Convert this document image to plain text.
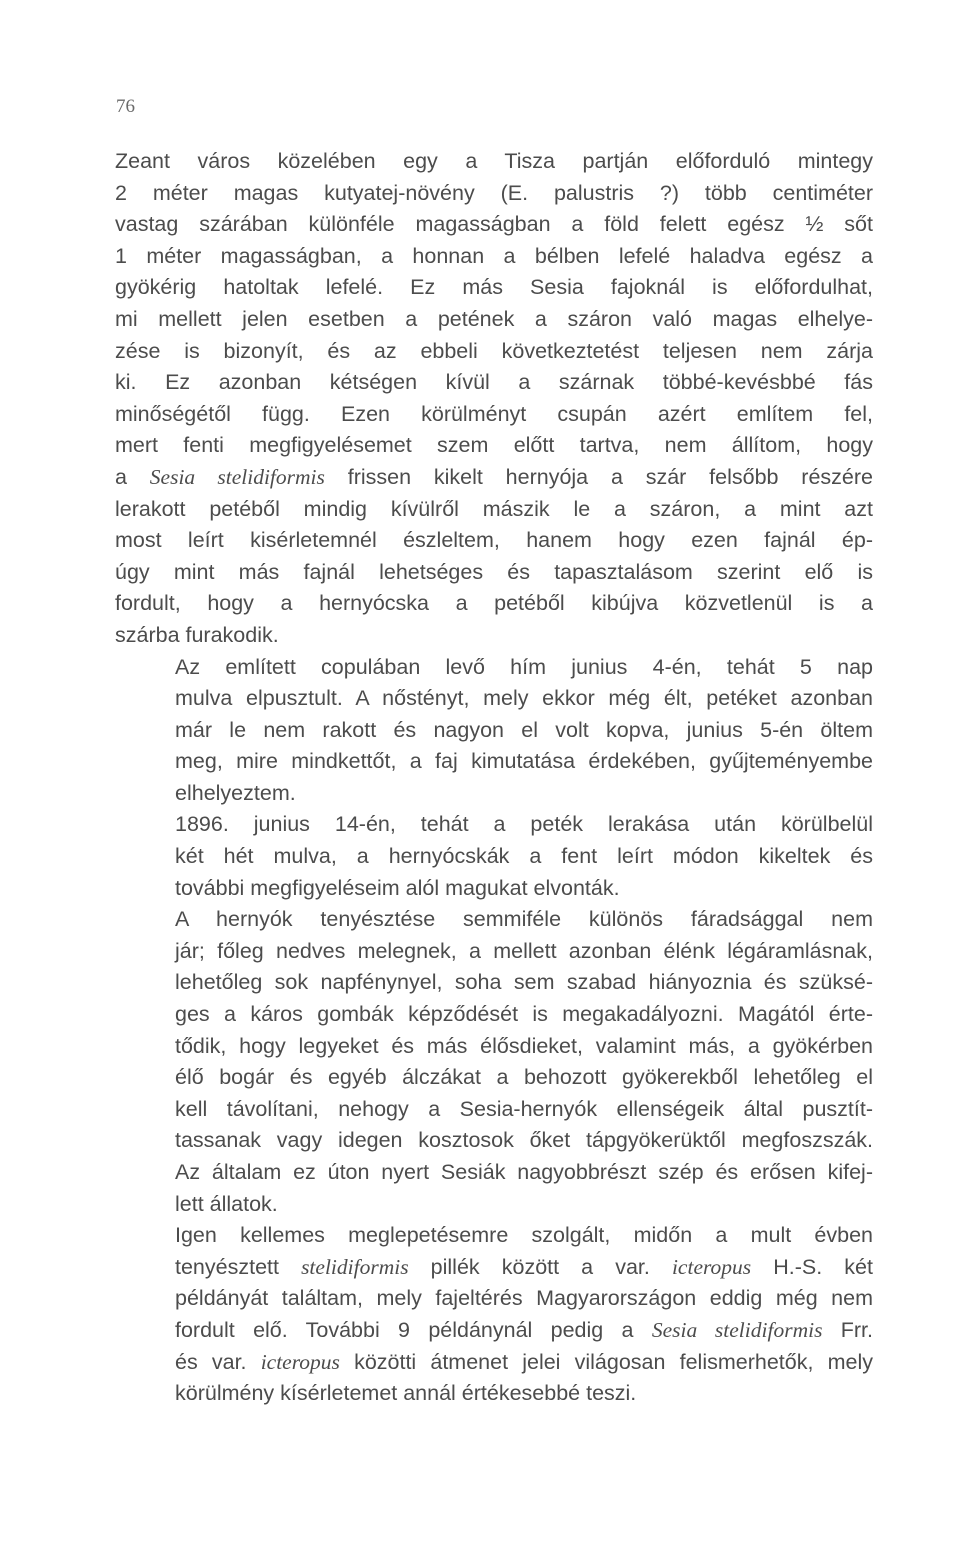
76

Zeant város közelében egy a Tisza partján előforduló mintegy
2 méter magas kutyatej-növény (E. palustris ?) több centiméter
vastag szárában különféle magasságban a föld felett egész ½ sőt
1 méter magasságban, a honnan a bélben lefelé haladva egész a
gyökérig hatoltak lefelé. Ez más Sesia fajoknál is előfordulhat,
mi mellett jelen esetben a petének a száron való magas elhelye-
zése is bizonyít, és az ebbeli következtetést teljesen nem zárja
ki. Ez azonban kétségen kívül a szárnak többé-kevésbbé fás
minőségétől függ. Ezen körülményt csupán azért említem fel,
mert fenti megfigyelésemet szem előtt tartva, nem állítom, hogy
a Sesia stelidiformis frissen kikelt hernyója a szár felsőbb részére
lerakott petéből mindig kívülről mászik le a száron, a mint azt
most leírt kisérletemnél észleltem, hanem hogy ezen fajnál ép-
úgy mint más fajnál lehetséges és tapasztalásom szerint elő is
fordult, hogy a hernyócska a petéből kibújva közvetlenül is a
szárba furakodik.

Az említett copulában levő hím junius 4-én, tehát 5 nap
mulva elpusztult. A nőstényt, mely ekkor még élt, petéket azonban
már le nem rakott és nagyon el volt kopva, junius 5-én öltem
meg, mire mindkettőt, a faj kimutatása érdekében, gyűjteményembe
elhelyeztem.

1896. junius 14-én, tehát a peték lerakása után körülbelül
két hét mulva, a hernyócskák a fent leírt módon kikeltek és
további megfigyeléseim alól magukat elvonták.

A hernyók tenyésztése semmiféle különös fáradsággal nem
jár; főleg nedves melegnek, a mellett azonban élénk légáramlásnak,
lehetőleg sok napfénynyel, soha sem szabad hiányoznia és szüksé-
ges a káros gombák képződését is megakadályozni. Magától érte-
tődik, hogy legyeket és más élősdieket, valamint más, a gyökérben
élő bogár és egyéb álczákat a behozott gyökerekből lehetőleg el
kell távolítani, nehogy a Sesia-hernyók ellenségeik által pusztít-
tassanak vagy idegen kosztosok őket tápgyökerüktől megfoszszák.
Az általam ez úton nyert Sesiák nagyobbrészt szép és erősen kifej-
lett állatok.

Igen kellemes meglepetésemre szolgált, midőn a mult évben
tenyésztett stelidiformis pillék között a var. icteropus H.-S. két
példányát találtam, mely fajeltérés Magyarországon eddig még nem
fordult elő. További 9 példánynál pedig a Sesia stelidiformis Frr.
és var. icteropus közötti átmenet jelei világosan felismerhetők, mely
körülmény kísérletemet annál értékesebbé teszi.
